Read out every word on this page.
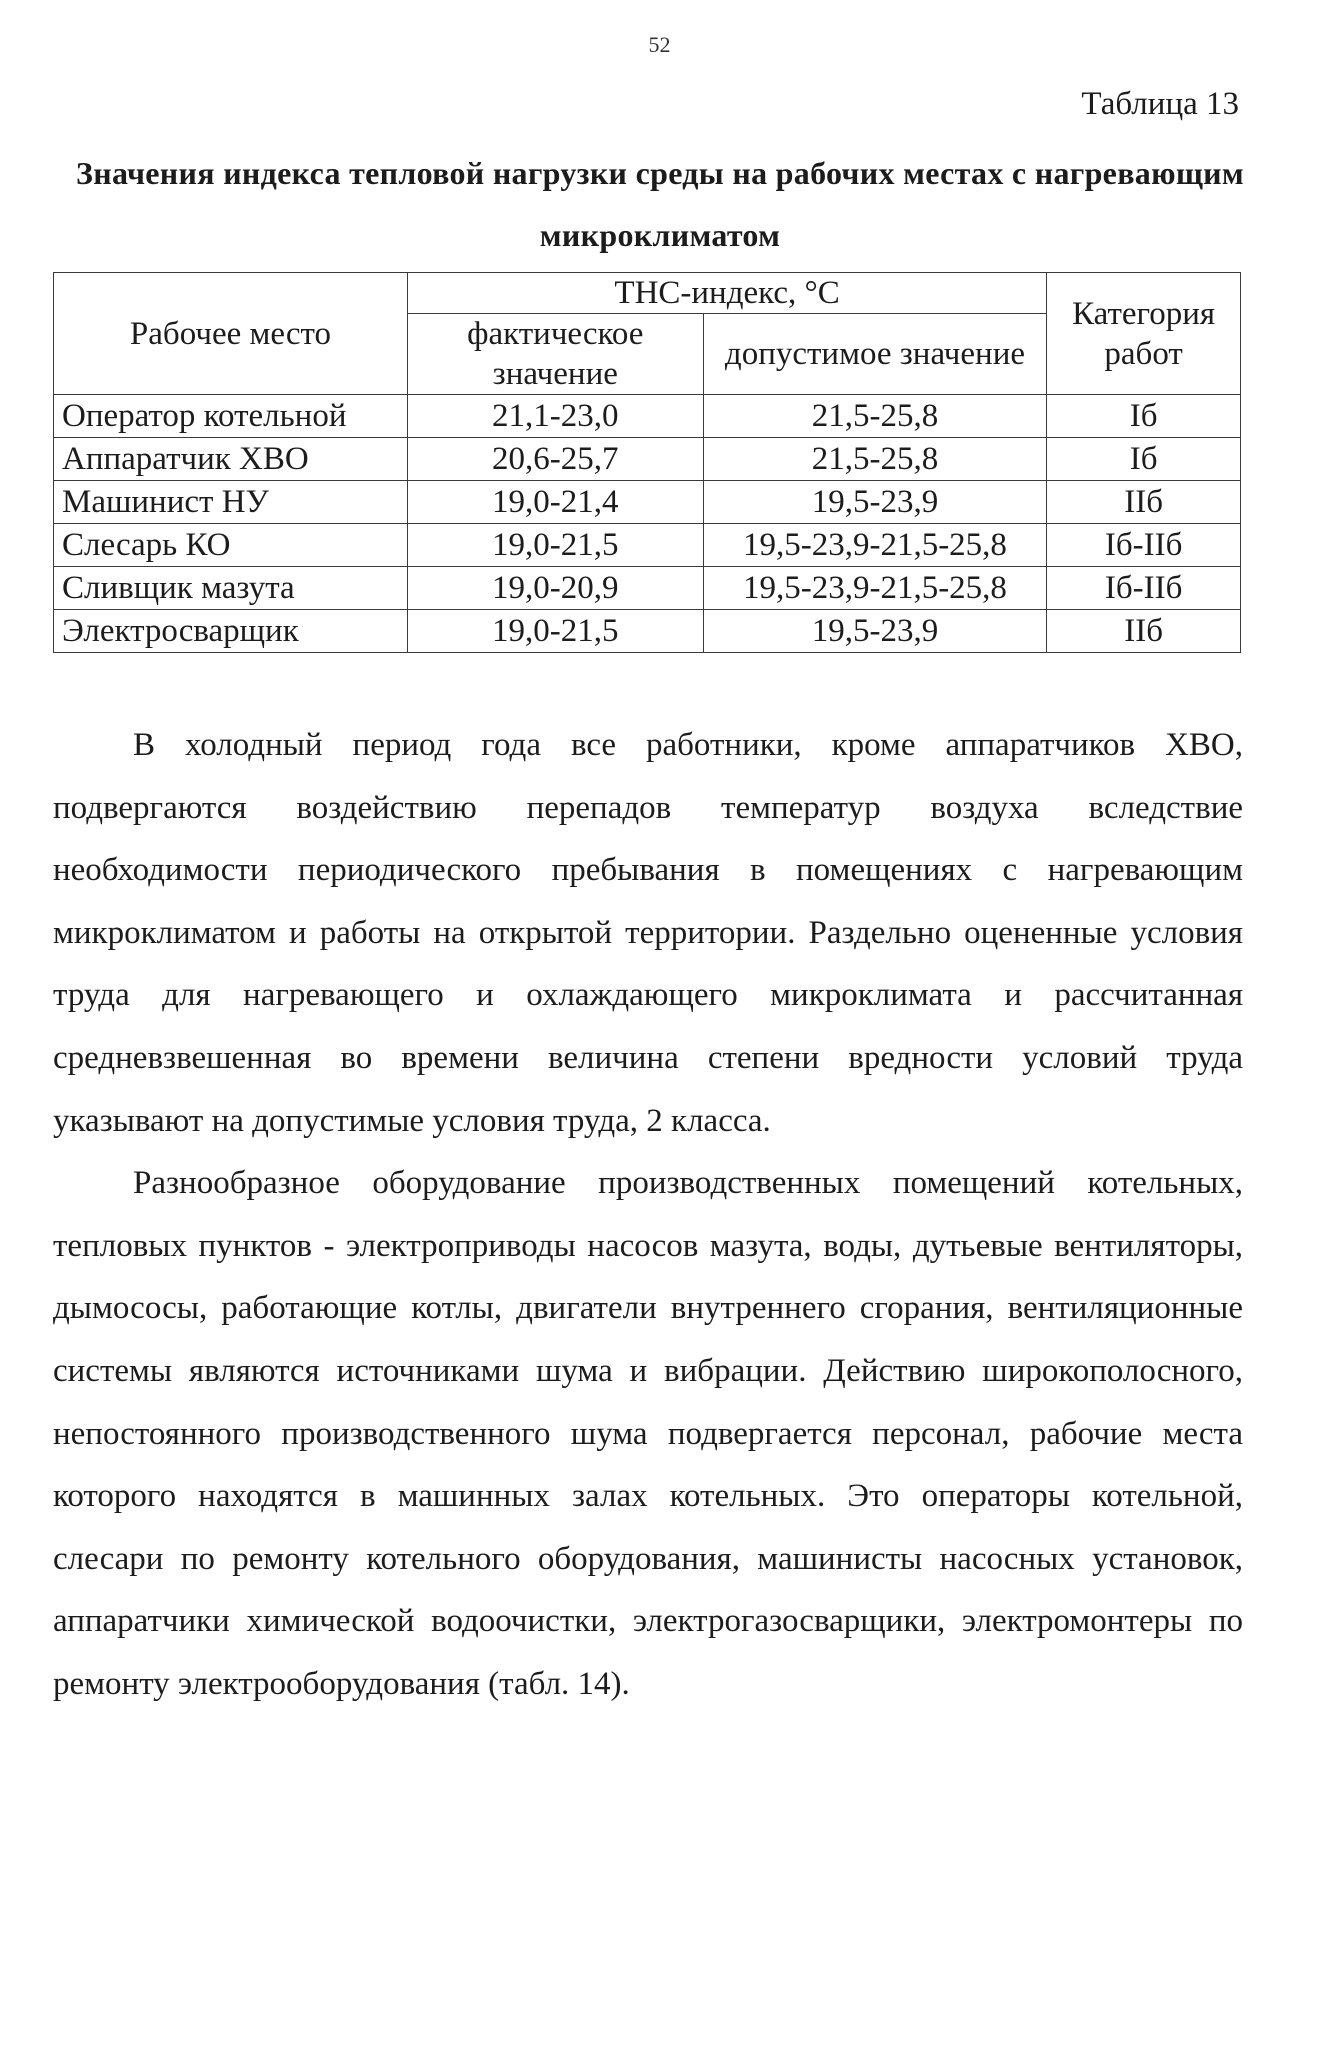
52
Таблица 13
Значения индекса тепловой нагрузки среды на рабочих местах с нагревающим микроклиматом
Рабочее место	ТНС-индекс, °С		Категория работ
	фактическое значение	допустимое значение	
Оператор котельной	21,1-23,0	21,5-25,8	Iб
Аппаратчик ХВО	20,6-25,7	21,5-25,8	Iб
Машинист НУ	19,0-21,4	19,5-23,9	IIб
Слесарь КО	19,0-21,5	19,5-23,9-21,5-25,8	Iб-IIб
Сливщик мазута	19,0-20,9	19,5-23,9-21,5-25,8	Iб-IIб
Электросварщик	19,0-21,5	19,5-23,9	IIб

В холодный период года все работники, кроме аппаратчиков ХВО, подвергаются воздействию перепадов температур воздуха вследствие необходимости периодического пребывания в помещениях с нагревающим микроклиматом и работы на открытой территории. Раздельно оцененные условия труда для нагревающего и охлаждающего микроклимата и рассчитанная средневзвешенная во времени величина степени вредности условий труда указывают на допустимые условия труда, 2 класса.

Разнообразное оборудование производственных помещений котельных, тепловых пунктов - электроприводы насосов мазута, воды, дутьевые вентиляторы, дымососы, работающие котлы, двигатели внутреннего сгорания, вентиляционные системы являются источниками шума и вибрации. Действию широкополосного, непостоянного производственного шума подвергается персонал, рабочие места которого находятся в машинных залах котельных. Это операторы котельной, слесари по ремонту котельного оборудования, машинисты насосных установок, аппаратчики химической водоочистки, электрогазосварщики, электромонтеры по ремонту электрооборудования (табл. 14).
